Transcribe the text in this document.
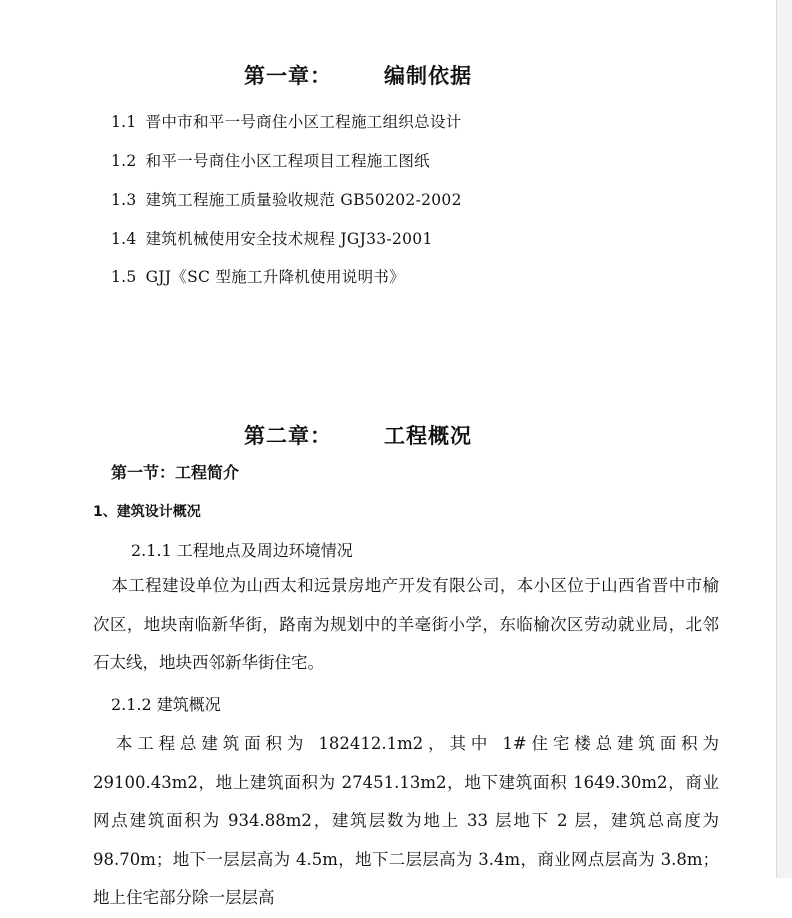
第一章： 编制依据
1.1 晋中市和平一号商住小区工程施工组织总设计
1.2 和平一号商住小区工程项目工程施工图纸
1.3 建筑工程施工质量验收规范 GB50202-2002
1.4 建筑机械使用安全技术规程 JGJ33-2001
1.5 GJJ《SC 型施工升降机使用说明书》
第二章： 工程概况
第一节：工程简介
1、建筑设计概况
2.1.1 工程地点及周边环境情况
本工程建设单位为山西太和远景房地产开发有限公司，本小区位于山西省晋中市榆次区，地块南临新华街，路南为规划中的羊毫街小学，东临榆次区劳动就业局，北邻石太线，地块西邻新华街住宅。
2.1.2 建筑概况
本工程总建筑面积为 182412.1m2，其中 1#住宅楼总建筑面积为 29100.43m2，地上建筑面积为 27451.13m2，地下建筑面积 1649.30m2，商业网点建筑面积为 934.88m2，建筑层数为地上 33 层地下 2 层，建筑总高度为 98.70m；地下一层层高为 4.5m，地下二层层高为 3.4m，商业网点层高为 3.8m；地上住宅部分除一层层高
